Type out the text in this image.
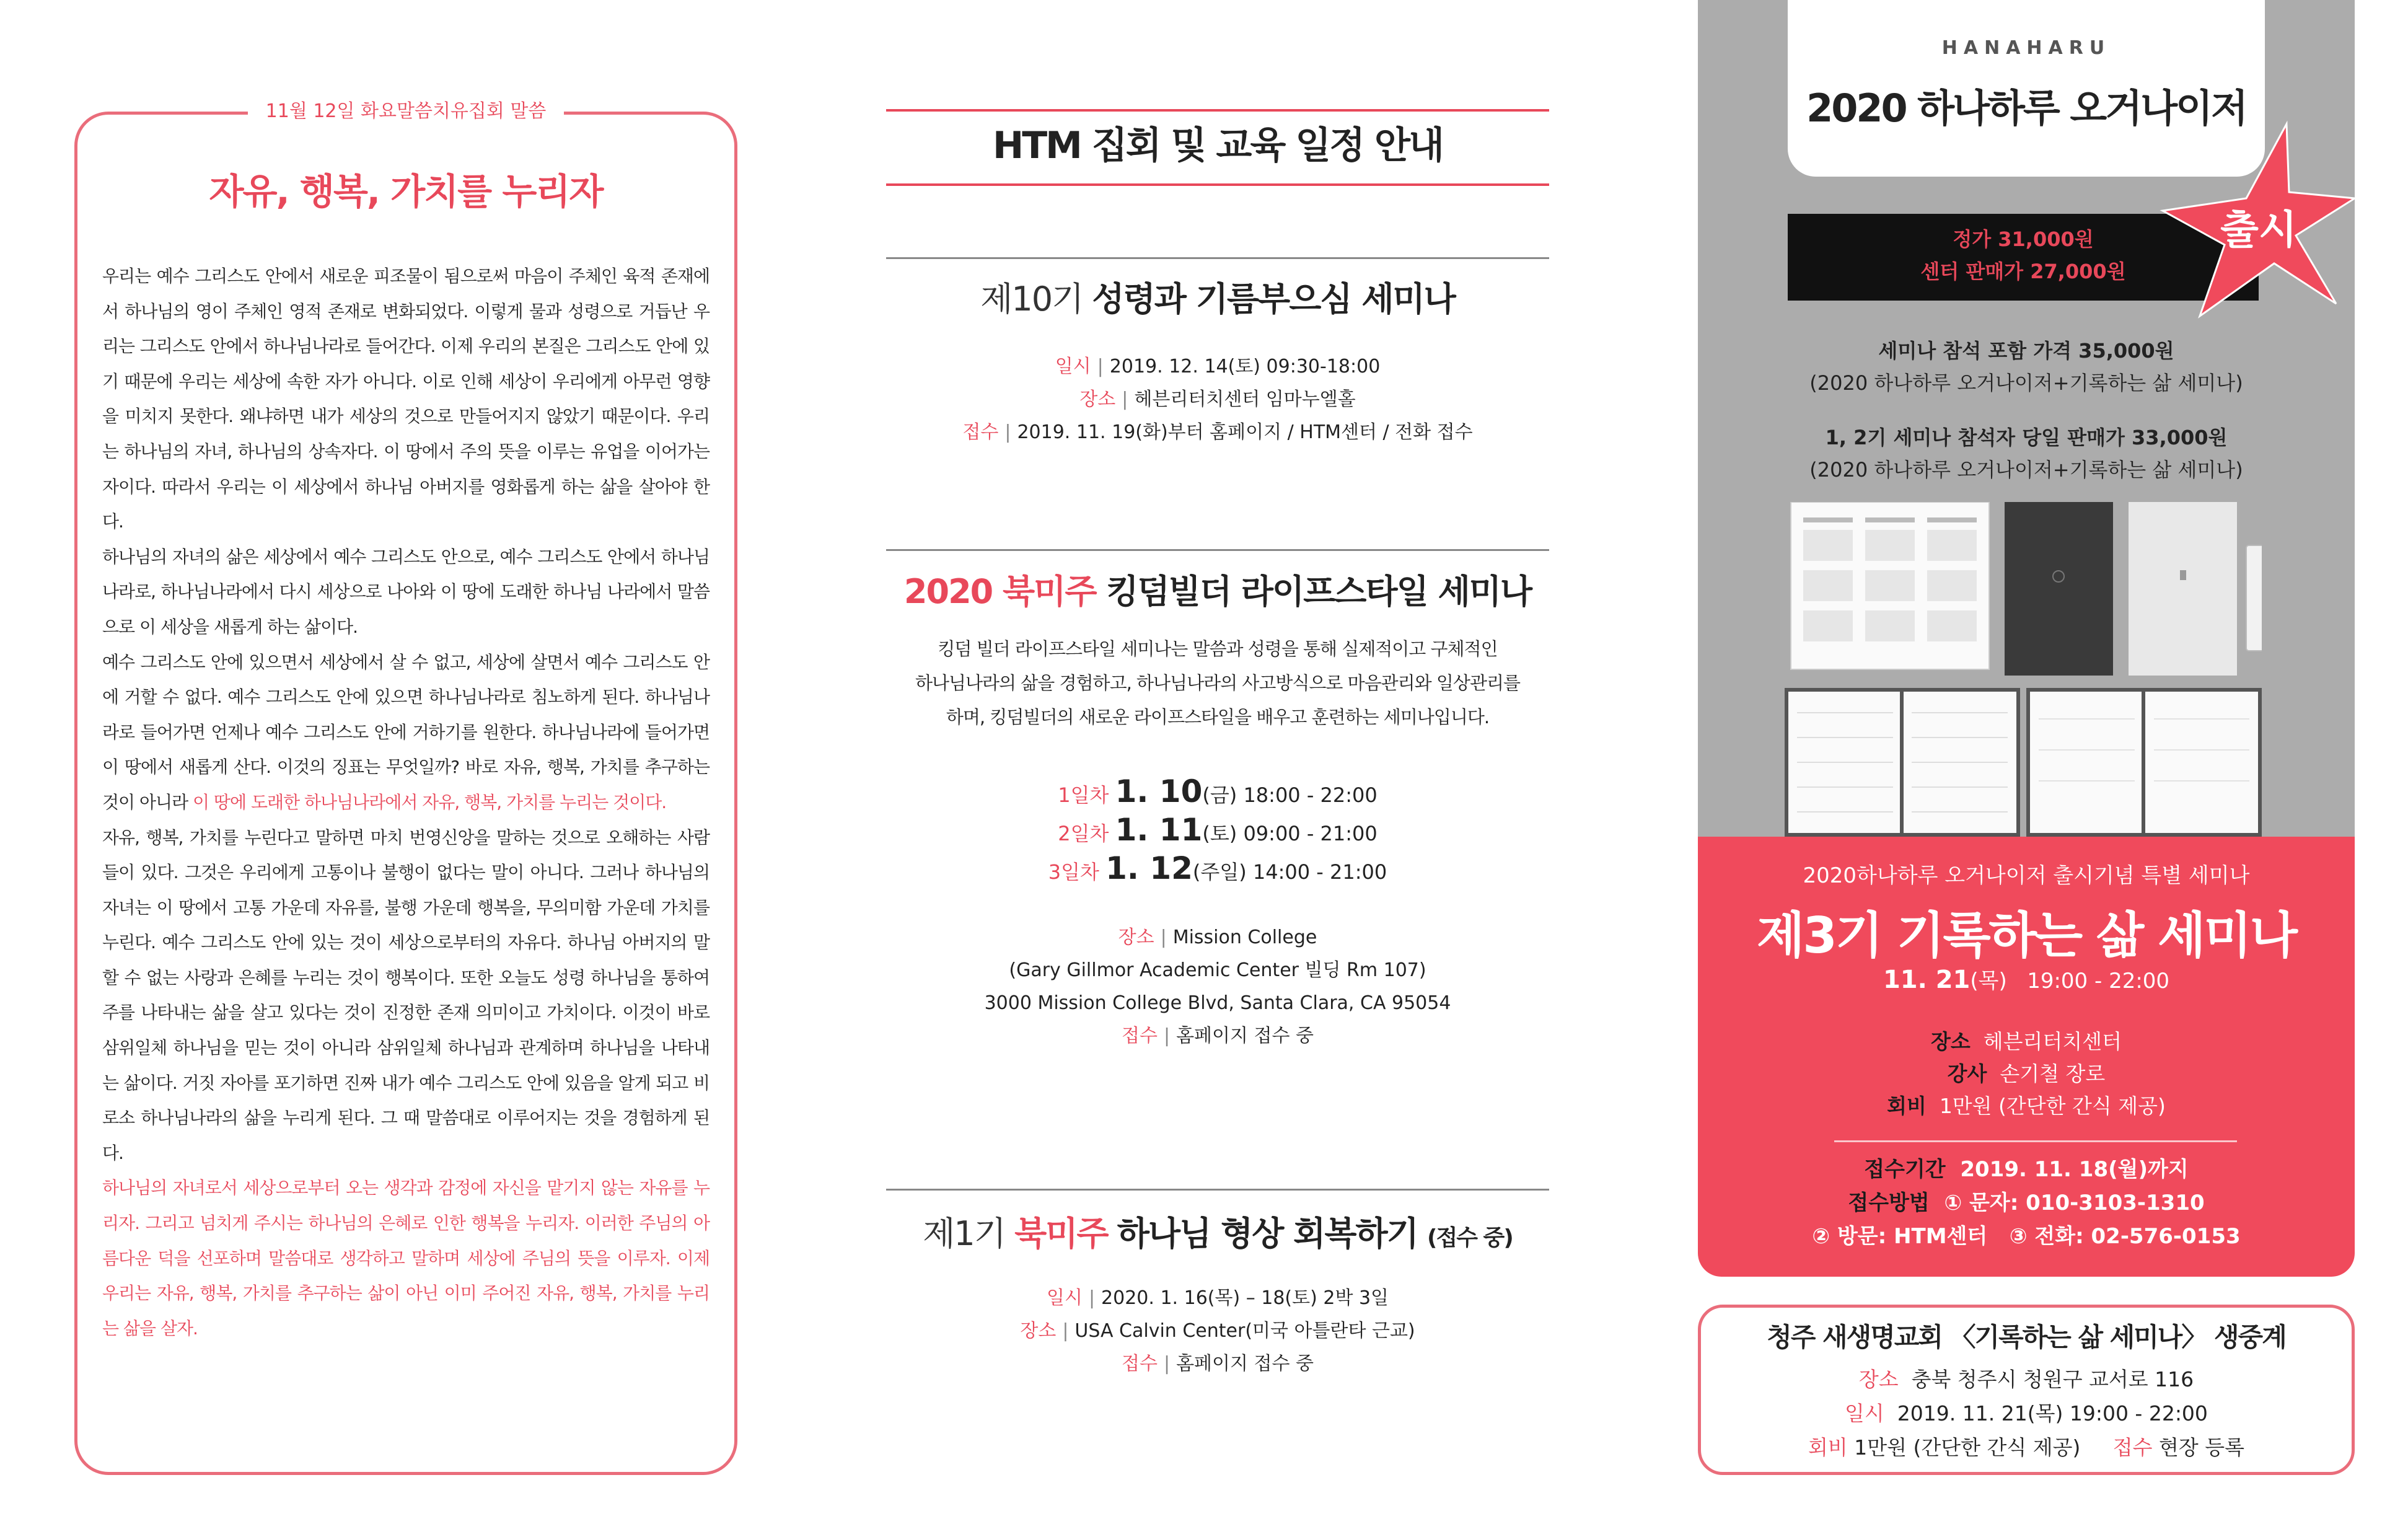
11월 12일 화요말씀치유집회 말씀
자유, 행복, 가치를 누리자

우리는 예수 그리스도 안에서 새로운 피조물이 됨으로써 마음이 주체인 육적 존재에서 하나님의 영이 주체인 영적 존재로 변화되었다. 이렇게 물과 성령으로 거듭난 우리는 그리스도 안에서 하나님나라로 들어간다. 이제 우리의 본질은 그리스도 안에 있기 때문에 우리는 세상에 속한 자가 아니다. 이로 인해 세상이 우리에게 아무런 영향을 미치지 못한다. 왜냐하면 내가 세상의 것으로 만들어지지 않았기 때문이다. 우리는 하나님의 자녀, 하나님의 상속자다. 이 땅에서 주의 뜻을 이루는 유업을 이어가는 자이다. 따라서 우리는 이 세상에서 하나님 아버지를 영화롭게 하는 삶을 살아야 한다.

하나님의 자녀의 삶은 세상에서 예수 그리스도 안으로, 예수 그리스도 안에서 하나님 나라로, 하나님나라에서 다시 세상으로 나아와 이 땅에 도래한 하나님 나라에서 말씀으로 이 세상을 새롭게 하는 삶이다.

예수 그리스도 안에 있으면서 세상에서 살 수 없고, 세상에 살면서 예수 그리스도 안에 거할 수 없다. 예수 그리스도 안에 있으면 하나님나라로 침노하게 된다. 하나님나라로 들어가면 언제나 예수 그리스도 안에 거하기를 원한다. 하나님나라에 들어가면 이 땅에서 새롭게 산다. 이것의 징표는 무엇일까? 바로 자유, 행복, 가치를 추구하는 것이 아니라 이 땅에 도래한 하나님나라에서 자유, 행복, 가치를 누리는 것이다.

자유, 행복, 가치를 누린다고 말하면 마치 번영신앙을 말하는 것으로 오해하는 사람들이 있다. 그것은 우리에게 고통이나 불행이 없다는 말이 아니다. 그러나 하나님의 자녀는 이 땅에서 고통 가운데 자유를, 불행 가운데 행복을, 무의미함 가운데 가치를 누린다. 예수 그리스도 안에 있는 것이 세상으로부터의 자유다. 하나님 아버지의 말할 수 없는 사랑과 은혜를 누리는 것이 행복이다. 또한 오늘도 성령 하나님을 통하여 주를 나타내는 삶을 살고 있다는 것이 진정한 존재 의미이고 가치이다. 이것이 바로 삼위일체 하나님을 믿는 것이 아니라 삼위일체 하나님과 관계하며 하나님을 나타내는 삶이다. 거짓 자아를 포기하면 진짜 내가 예수 그리스도 안에 있음을 알게 되고 비로소 하나님나라의 삶을 누리게 된다. 그 때 말씀대로 이루어지는 것을 경험하게 된다.

하나님의 자녀로서 세상으로부터 오는 생각과 감정에 자신을 맡기지 않는 자유를 누리자. 그리고 넘치게 주시는 하나님의 은혜로 인한 행복을 누리자. 이러한 주님의 아름다운 덕을 선포하며 말씀대로 생각하고 말하며 세상에 주님의 뜻을 이루자. 이제 우리는 자유, 행복, 가치를 추구하는 삶이 아닌 이미 주어진 자유, 행복, 가치를 누리는 삶을 살자.

HTM 집회 및 교육 일정 안내
제10기 성령과 기름부으심 세미나
일시 | 2019. 12. 14(토) 09:30-18:00
장소 | 헤븐리터치센터 임마누엘홀
접수 | 2019. 11. 19(화)부터 홈페이지 / HTM센터 / 전화 접수
2020 북미주 킹덤빌더 라이프스타일 세미나
킹덤 빌더 라이프스타일 세미나는 말씀과 성령을 통해 실제적이고 구체적인
하나님나라의 삶을 경험하고, 하나님나라의 사고방식으로 마음관리와 일상관리를
하며, 킹덤빌더의 새로운 라이프스타일을 배우고 훈련하는 세미나입니다.
1일차 1. 10(금) 18:00 - 22:00
2일차 1. 11(토) 09:00 - 21:00
3일차 1. 12(주일) 14:00 - 21:00
장소 | Mission College
(Gary Gillmor Academic Center 빌딩 Rm 107)
3000 Mission College Blvd, Santa Clara, CA 95054
접수 | 홈페이지 접수 중
제1기 북미주 하나님 형상 회복하기 (접수 중)
일시 | 2020. 1. 16(목) – 18(토) 2박 3일
장소 | USA Calvin Center(미국 아틀란타 근교)
접수 | 홈페이지 접수 중
HANAHARU
2020 하나하루 오거나이저
정가 31,000원
센터 판매가 27,000원
출시
세미나 참석 포함 가격 35,000원
(2020 하나하루 오거나이저+기록하는 삶 세미나)
1, 2기 세미나 참석자 당일 판매가 33,000원
(2020 하나하루 오거나이저+기록하는 삶 세미나)
2020하나하루 오거나이저 출시기념 특별 세미나
제3기 기록하는 삶 세미나
11. 21(목) 19:00 - 22:00
장소 헤븐리터치센터
강사 손기철 장로
회비 1만원 (간단한 간식 제공)
접수기간 2019. 11. 18(월)까지
접수방법 ① 문자: 010-3103-1310
② 방문: HTM센터 ③ 전화: 02-576-0153
청주 새생명교회 〈기록하는 삶 세미나〉 생중계
장소 충북 청주시 청원구 교서로 116
일시 2019. 11. 21(목) 19:00 - 22:00
회비 1만원 (간단한 간식 제공) 접수 현장 등록
